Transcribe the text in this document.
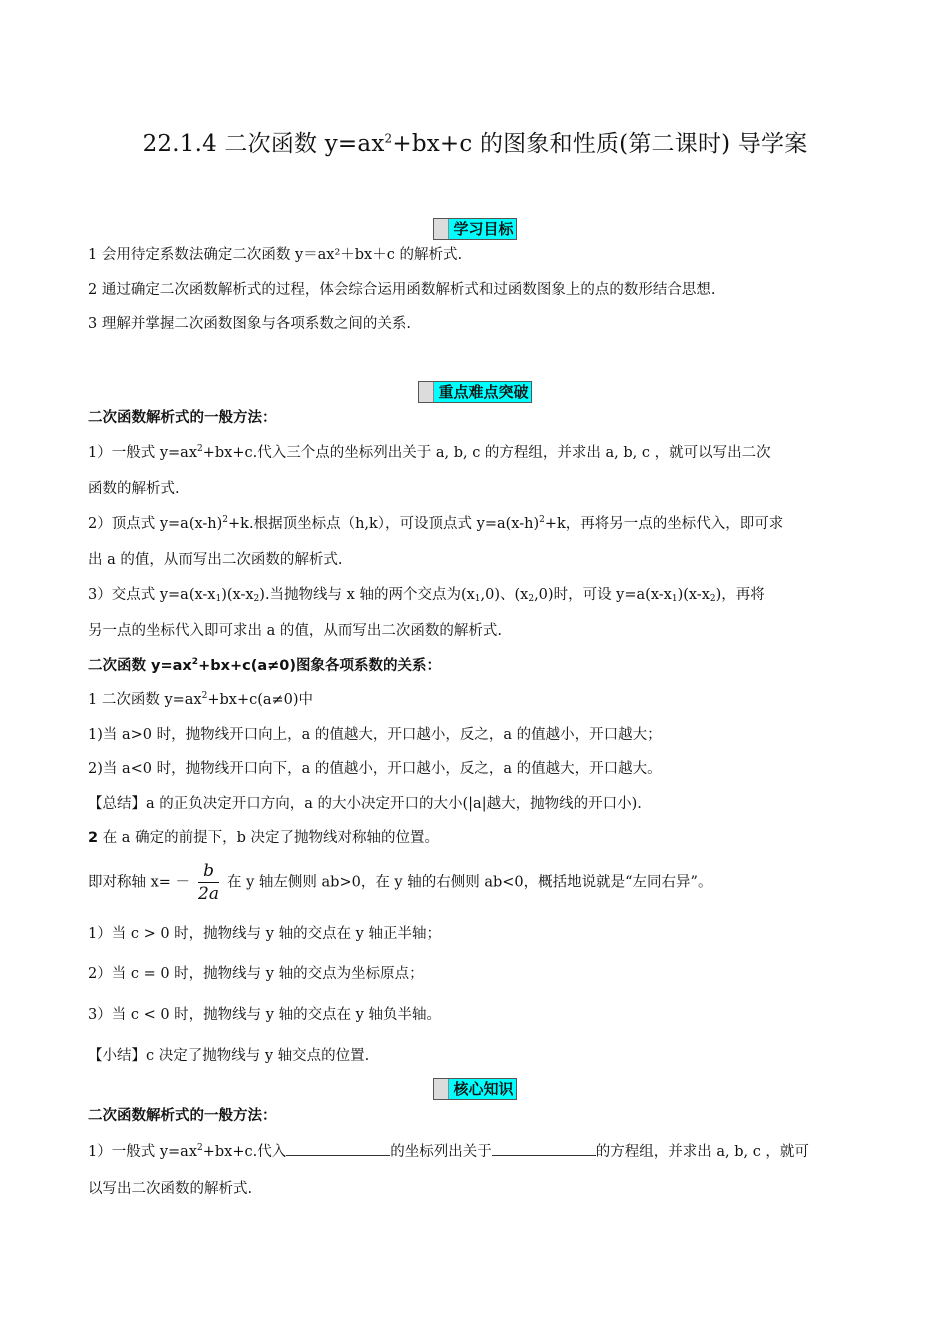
22.1.4 二次函数 $y=ax^2+bx+c$ 的图象和性质(第二课时) 导学案
学习目标
1 会用待定系数法确定二次函数 y＝ax²＋bx＋c 的解析式.
2 通过确定二次函数解析式的过程，体会综合运用函数解析式和过函数图象上的点的数形结合思想.
3 理解并掌握二次函数图象与各项系数之间的关系.
重点难点突破
二次函数解析式的一般方法：
1）一般式 $y=ax^2+bx+c$.代入三个点的坐标列出关于 a, b, c 的方程组，并求出 a, b, c ，就可以写出二次
函数的解析式.
2）顶点式 $y=a(x-h)^2+k$.根据顶坐标点（h,k），可设顶点式 $y=a(x-h)^2+k$，再将另一点的坐标代入，即可求
出 a 的值，从而写出二次函数的解析式.
3）交点式 $y=a(x-x_1)(x-x_2)$.当抛物线与 x 轴的两个交点为$(x_1,0)$、$(x_2,0)$时，可设 $y=a(x-x_1)(x-x_2)$，再将
另一点的坐标代入即可求出 a 的值，从而写出二次函数的解析式.
二次函数 $y=ax^2+bx+c(a\ne 0)$图象各项系数的关系：
1 二次函数 $y=ax^2+bx+c(a\ne 0)$中
1)当 a>0 时，抛物线开口向上，a 的值越大，开口越小，反之，a 的值越小，开口越大；
2)当 a<0 时，抛物线开口向下，a 的值越小，开口越小，反之，a 的值越大，开口越大。
【总结】a 的正负决定开口方向，a 的大小决定开口的大小(|a|越大，抛物线的开口小).
2 在 a 确定的前提下，b 决定了抛物线对称轴的位置。
即对称轴 $x= - \frac{b}{2a}$ 在 y 轴左侧则 ab>0，在 y 轴的右侧则 ab<0，概括地说就是“左同右异”。
1）当 c > 0 时，抛物线与 y 轴的交点在 y 轴正半轴；
2）当 c = 0 时，抛物线与 y 轴的交点为坐标原点；
3）当 c < 0 时，抛物线与 y 轴的交点在 y 轴负半轴。
【小结】c 决定了抛物线与 y 轴交点的位置.
核心知识
二次函数解析式的一般方法：
1）一般式 $y=ax^2+bx+c$.代入	的坐标列出关于	的方程组，并求出 a, b, c ，就可
以写出二次函数的解析式.
